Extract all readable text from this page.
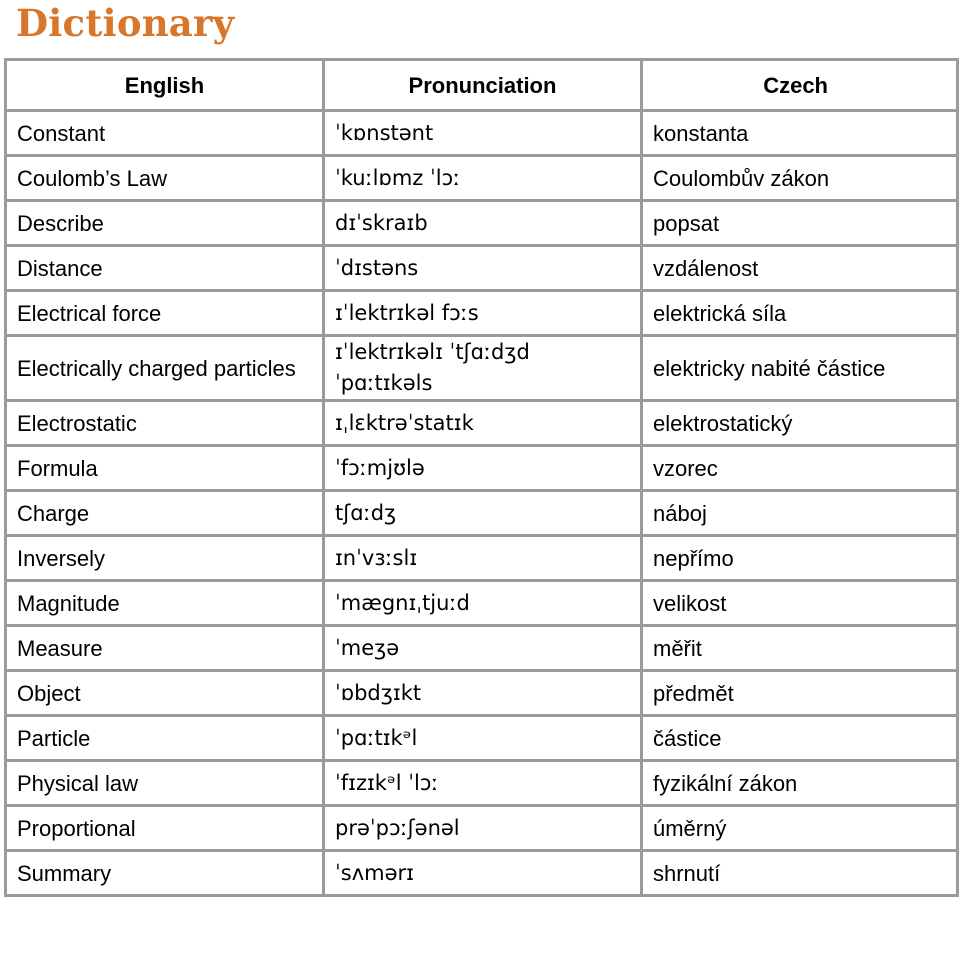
Dictionary
English	Pronunciation	Czech
Constant	ˈkɒnstənt	konstanta
Coulomb’s Law	ˈkuːlɒmz ˈlɔː	Coulombův zákon
Describe	dɪˈskraɪb	popsat
Distance	ˈdɪstəns	vzdálenost
Electrical force	ɪˈlektrɪkəl fɔːs	elektrická síla
Electrically charged particles	ɪˈlektrɪkəlɪ ˈtʃɑːdʒd ˈpɑːtɪkəls	elektricky nabité částice
Electrostatic	ɪˌlɛktrəˈstatɪk	elektrostatický
Formula	ˈfɔːmjʊlə	vzorec
Charge	tʃɑːdʒ	náboj
Inversely	ɪnˈvɜːslɪ	nepřímo
Magnitude	ˈmægnɪˌtjuːd	velikost
Measure	ˈmeʒə	měřit
Object	ˈɒbdʒɪkt	předmět
Particle	ˈpɑːtɪkᵊl	částice
Physical law	ˈfɪzɪkᵊl ˈlɔː	fyzikální zákon
Proportional	prəˈpɔːʃənəl	úměrný
Summary	ˈsʌmərɪ	shrnutí
